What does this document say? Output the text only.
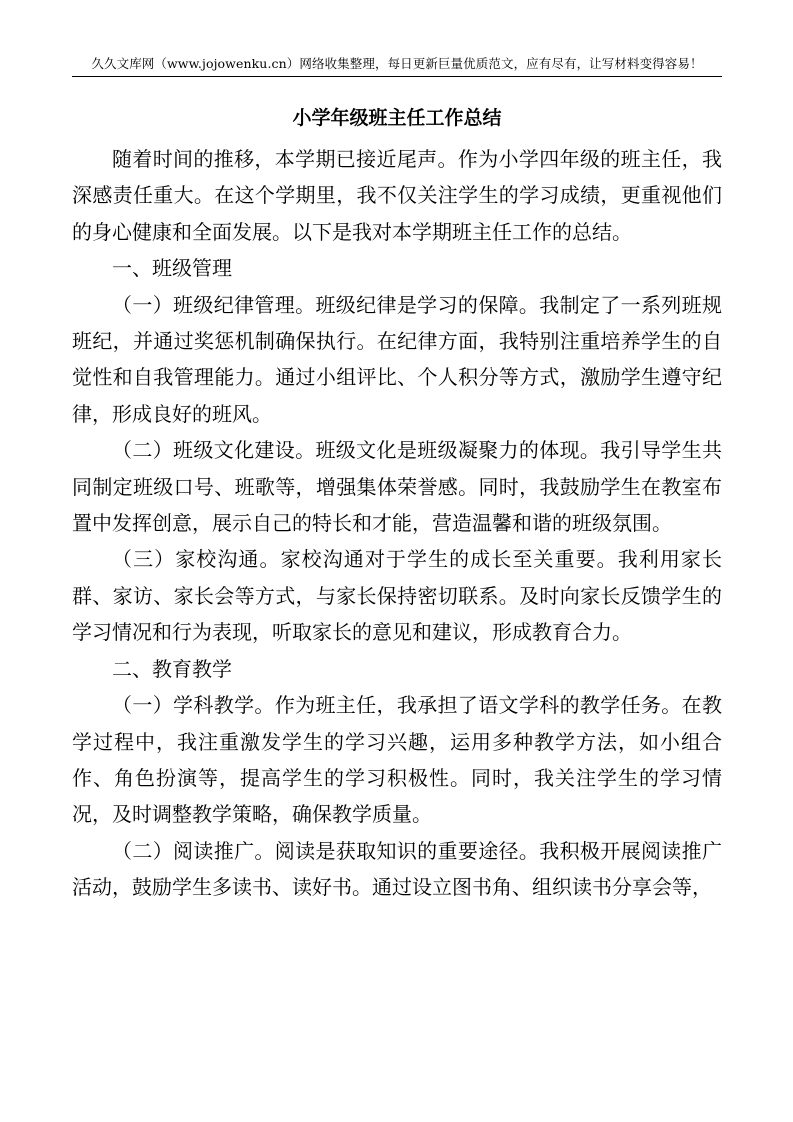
久久文库网（www.jojowenku.cn）网络收集整理，每日更新巨量优质范文，应有尽有，让写材料变得容易！
小学年级班主任工作总结

随着时间的推移，本学期已接近尾声。作为小学四年级的班主任，我深感责任重大。在这个学期里，我不仅关注学生的学习成绩，更重视他们的身心健康和全面发展。以下是我对本学期班主任工作的总结。

一、班级管理

（一）班级纪律管理。班级纪律是学习的保障。我制定了一系列班规班纪，并通过奖惩机制确保执行。在纪律方面，我特别注重培养学生的自觉性和自我管理能力。通过小组评比、个人积分等方式，激励学生遵守纪律，形成良好的班风。

（二）班级文化建设。班级文化是班级凝聚力的体现。我引导学生共同制定班级口号、班歌等，增强集体荣誉感。同时，我鼓励学生在教室布置中发挥创意，展示自己的特长和才能，营造温馨和谐的班级氛围。

（三）家校沟通。家校沟通对于学生的成长至关重要。我利用家长群、家访、家长会等方式，与家长保持密切联系。及时向家长反馈学生的学习情况和行为表现，听取家长的意见和建议，形成教育合力。

二、教育教学

（一）学科教学。作为班主任，我承担了语文学科的教学任务。在教学过程中，我注重激发学生的学习兴趣，运用多种教学方法，如小组合作、角色扮演等，提高学生的学习积极性。同时，我关注学生的学习情况，及时调整教学策略，确保教学质量。

（二）阅读推广。阅读是获取知识的重要途径。我积极开展阅读推广活动，鼓励学生多读书、读好书。通过设立图书角、组织读书分享会等，
